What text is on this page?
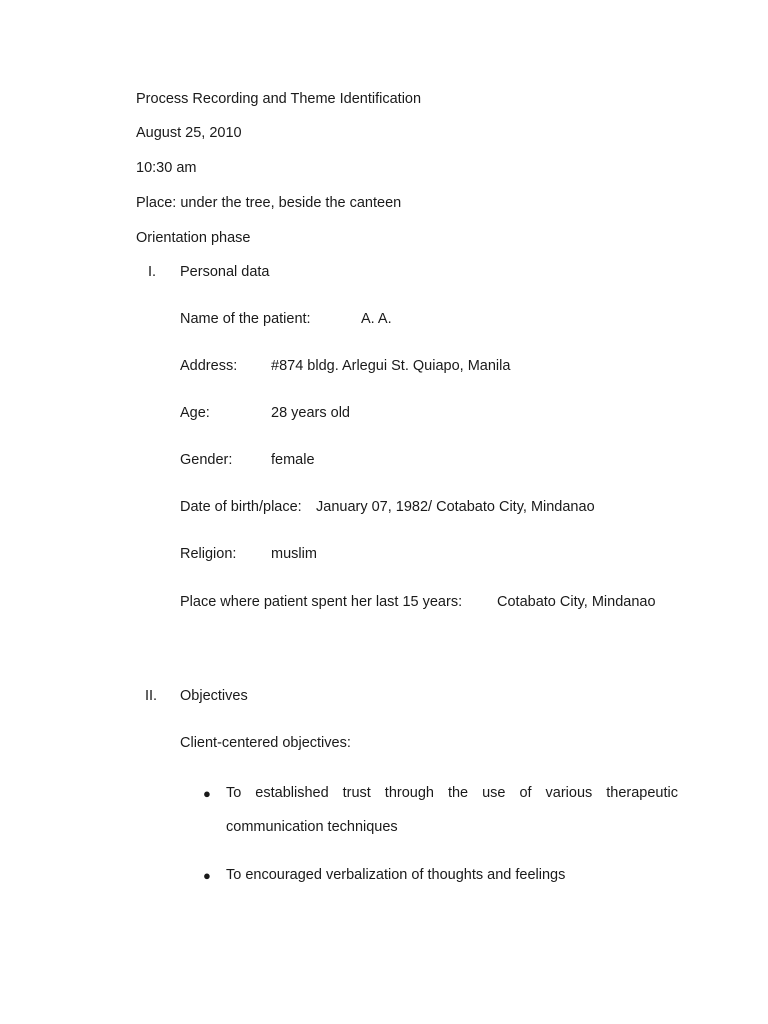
Process Recording and Theme Identification
August 25, 2010
10:30 am
Place: under the tree, beside the canteen
Orientation phase
I. Personal data
Name of the patient:	A. A.
Address: #874 bldg. Arlegui St. Quiapo, Manila
Age:	28 years old
Gender:	female
Date of birth/place: January 07, 1982/ Cotabato City, Mindanao
Religion: muslim
Place where patient spent her last 15 years: Cotabato City, Mindanao
II. Objectives
Client-centered objectives:
● To established trust through the use of various therapeutic
communication techniques
● To encouraged verbalization of thoughts and feelings
